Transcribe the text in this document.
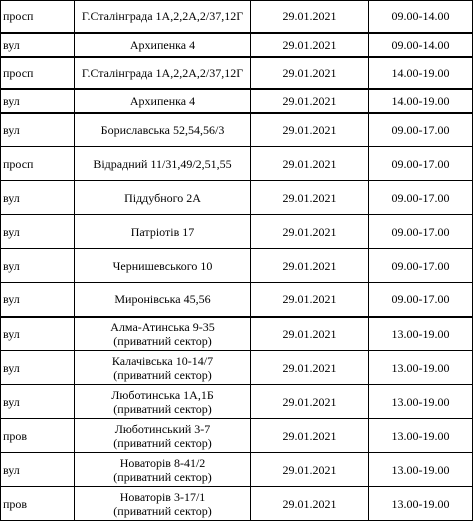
просп	Г.Сталінграда 1А,2,2А,2/37,12Г	29.01.2021	09.00-14.00

вул	Архипенка 4	29.01.2021	09.00-14.00

просп	Г.Сталінграда 1А,2,2А,2/37,12Г	29.01.2021	14.00-19.00

вул	Архипенка 4	29.01.2021	14.00-19.00

вул	Бориславська 52,54,56/3	29.01.2021	09.00-17.00

просп	Відрадний 11/31,49/2,51,55	29.01.2021	09.00-17.00

вул	Піддубного 2А	29.01.2021	09.00-17.00

вул	Патріотів 17	29.01.2021	09.00-17.00

вул	Чернишевського 10	29.01.2021	09.00-17.00

вул	Миронівська 45,56	29.01.2021	09.00-17.00

вул	Алма-Атинська 9-35
(приватний сектор)	29.01.2021	13.00-19.00

вул	Калачівська 10-14/7
(приватний сектор)	29.01.2021	13.00-19.00

вул	Люботинська 1А,1Б
(приватний сектор)	29.01.2021	13.00-19.00

пров	Люботинський 3-7
(приватний сектор)	29.01.2021	13.00-19.00

вул	Новаторів 8-41/2
(приватний сектор)	29.01.2021	13.00-19.00

пров	Новаторів 3-17/1
(приватний сектор)	29.01.2021	13.00-19.00
